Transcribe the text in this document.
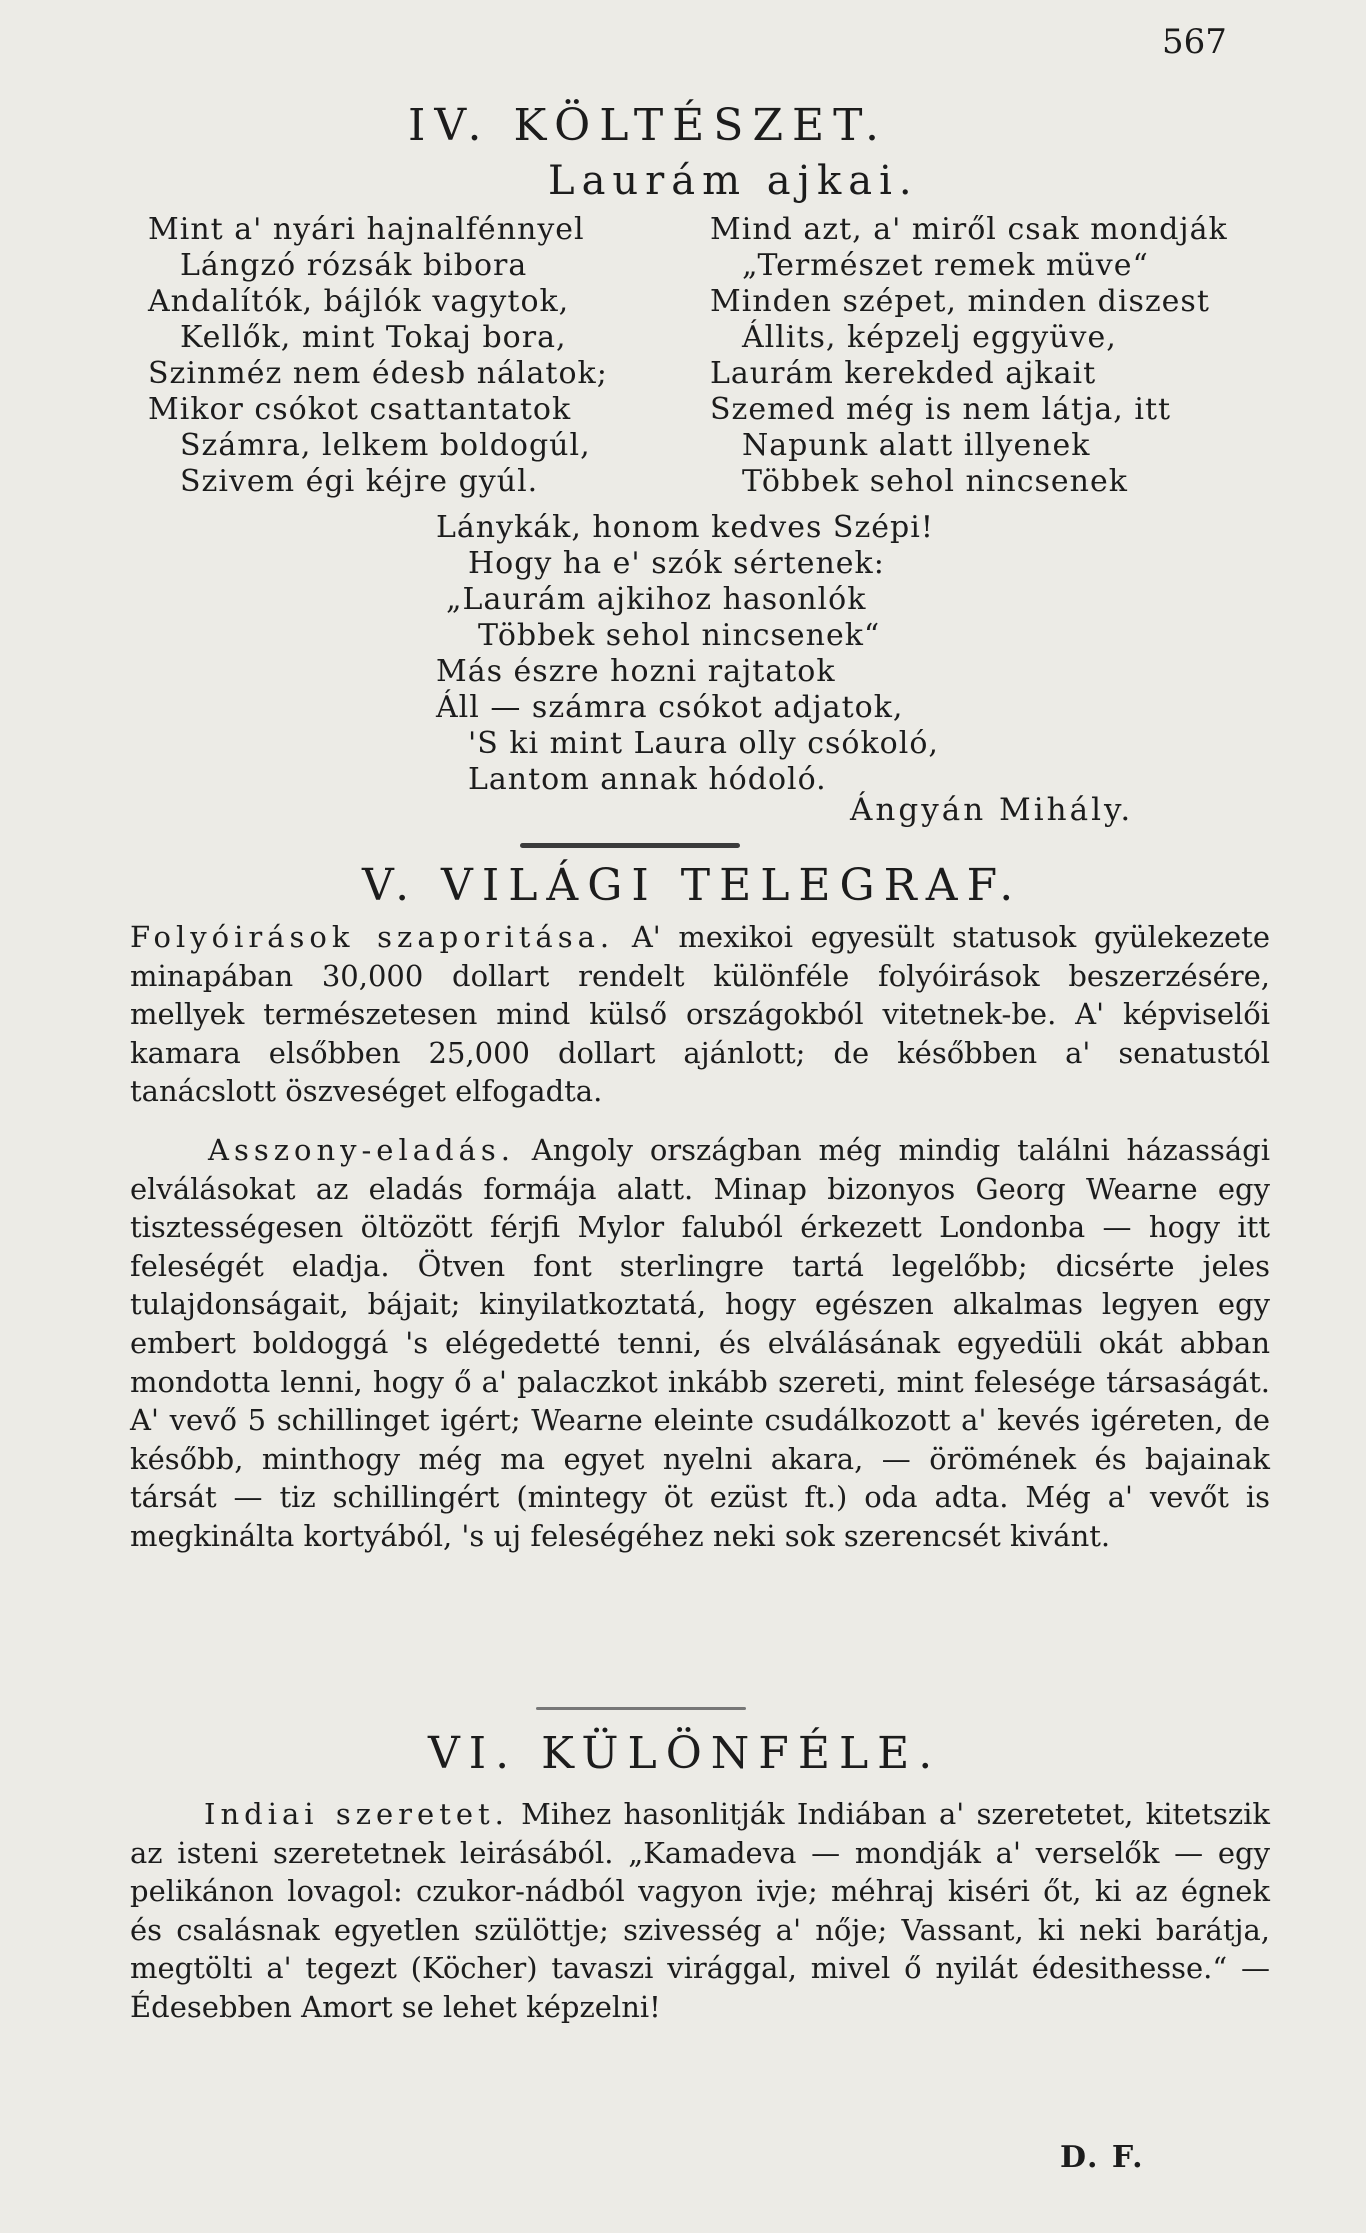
567
IV. KÖLTÉSZET.
Laurám ajkai.
Mint a' nyári hajnalfénnyel
Lángzó rózsák bibora
Andalítók, bájlók vagytok,
Kellők, mint Tokaj bora,
Szinméz nem édesb nálatok;
Mikor csókot csattantatok
Számra, lelkem boldogúl,
Szivem égi kéjre gyúl.
Mind azt, a' miről csak mondják
„Természet remek müve“
Minden szépet, minden diszest
Állits, képzelj eggyüve,
Laurám kerekded ajkait
Szemed még is nem látja, itt
Napunk alatt illyenek
Többek sehol nincsenek
Lánykák, honom kedves Szépi!
Hogy ha e' szók sértenek:
„Laurám ajkihoz hasonlók
Többek sehol nincsenek“
Más észre hozni rajtatok
Áll — számra csókot adjatok,
'S ki mint Laura olly csókoló,
Lantom annak hódoló.
Ángyán Mihály.
V. VILÁGI TELEGRAF.
Folyóirások szaporitása. A' mexikoi egyesült statusok gyülekezete minapában 30,000 dollart rendelt különféle folyóirások beszerzésére, mellyek természetesen mind külső országokból vitetnek-be. A' képviselői kamara elsőbben 25,000 dollart ajánlott; de későbben a' senatustól tanácslott öszveséget elfogadta.
Asszony-eladás. Angoly országban még mindig találni házassági elválásokat az eladás formája alatt. Minap bizonyos Georg Wearne egy tisztességesen öltözött férjfi Mylor faluból érkezett Londonba — hogy itt feleségét eladja. Ötven font sterlingre tartá legelőbb; dicsérte jeles tulajdonságait, bájait; kinyilatkoztatá, hogy egészen alkalmas legyen egy embert boldoggá 's elégedetté tenni, és elválásának egyedüli okát abban mondotta lenni, hogy ő a' palaczkot inkább szereti, mint felesége társaságát. A' vevő 5 schillinget igért; Wearne eleinte csudálkozott a' kevés igéreten, de később, minthogy még ma egyet nyelni akara, — örömének és bajainak társát — tiz schillingért (mintegy öt ezüst ft.) oda adta. Még a' vevőt is megkinálta kortyából, 's uj feleségéhez neki sok szerencsét kivánt.
VI. KÜLÖNFÉLE.
Indiai szeretet. Mihez hasonlitják Indiában a' szeretetet, kitetszik az isteni szeretetnek leirásából. „Kamadeva — mondják a' verselők — egy pelikánon lovagol: czukor-nádból vagyon ivje; méhraj kiséri őt, ki az égnek és csalásnak egyetlen szülöttje; szivesség a' nője; Vassant, ki neki barátja, megtölti a' tegezt (Köcher) tavaszi virággal, mivel ő nyilát édesithesse.“ — Édesebben Amort se lehet képzelni!
D. F.
